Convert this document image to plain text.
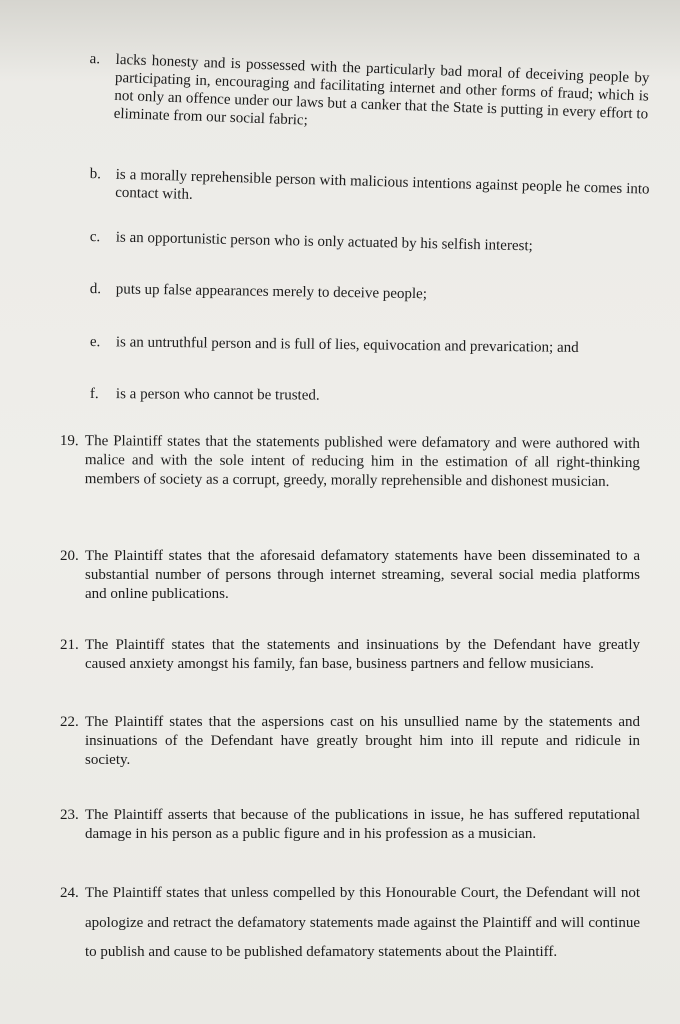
a. lacks honesty and is possessed with the particularly bad moral of deceiving people by participating in, encouraging and facilitating internet and other forms of fraud; which is not only an offence under our laws but a canker that the State is putting in every effort to eliminate from our social fabric;
b. is a morally reprehensible person with malicious intentions against people he comes into contact with.
c. is an opportunistic person who is only actuated by his selfish interest;
d. puts up false appearances merely to deceive people;
e. is an untruthful person and is full of lies, equivocation and prevarication; and
f. is a person who cannot be trusted.
19. The Plaintiff states that the statements published were defamatory and were authored with malice and with the sole intent of reducing him in the estimation of all right-thinking members of society as a corrupt, greedy, morally reprehensible and dishonest musician.
20. The Plaintiff states that the aforesaid defamatory statements have been disseminated to a substantial number of persons through internet streaming, several social media platforms and online publications.
21. The Plaintiff states that the statements and insinuations by the Defendant have greatly caused anxiety amongst his family, fan base, business partners and fellow musicians.
22. The Plaintiff states that the aspersions cast on his unsullied name by the statements and insinuations of the Defendant have greatly brought him into ill repute and ridicule in society.
23. The Plaintiff asserts that because of the publications in issue, he has suffered reputational damage in his person as a public figure and in his profession as a musician.
24. The Plaintiff states that unless compelled by this Honourable Court, the Defendant will not apologize and retract the defamatory statements made against the Plaintiff and will continue to publish and cause to be published defamatory statements about the Plaintiff.
